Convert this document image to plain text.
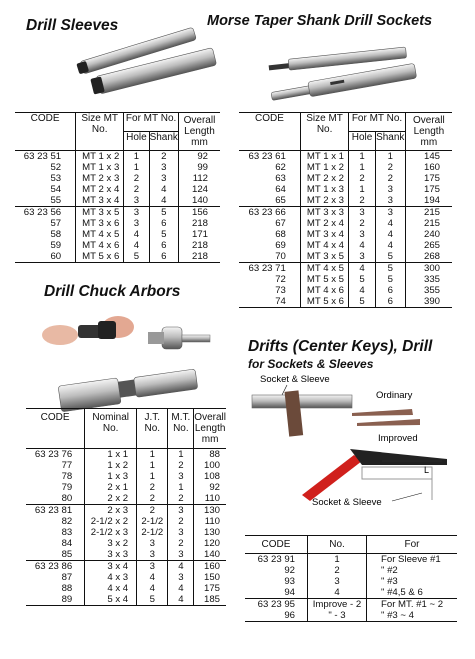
Drill Sleeves	Morse Taper Shank Drill Sockets
Drill Chuck Arbors
Drifts (Center Keys), Drill
for Sockets & Sleeves
Socket & Sleeve
Ordinary
Improved
L
Socket & Sleeve
CODE	Size MT No.	For MT No.		Overall Length mm
		Hole	Shank	
63 23 51	MT 1 x 2	1	2	92
52	MT 1 x 3	1	3	99
53	MT 2 x 3	2	3	112
54	MT 2 x 4	2	4	124
55	MT 3 x 4	3	4	140
63 23 56	MT 3 x 5	3	5	156
57	MT 3 x 6	3	6	218
58	MT 4 x 5	4	5	171
59	MT 4 x 6	4	6	218
60	MT 5 x 6	5	6	218
CODE	Size MT No.	For MT No.		Overall Length mm
		Hole	Shank	
63 23 61	MT 1 x 1	1	1	145
62	MT 1 x 2	1	2	160
63	MT 2 x 2	2	2	175
64	MT 1 x 3	1	3	175
65	MT 2 x 3	2	3	194
63 23 66	MT 3 x 3	3	3	215
67	MT 2 x 4	2	4	215
68	MT 3 x 4	3	4	240
69	MT 4 x 4	4	4	265
70	MT 3 x 5	3	5	268
63 23 71	MT 4 x 5	4	5	300
72	MT 5 x 5	5	5	335
73	MT 4 x 6	4	6	355
74	MT 5 x 6	5	6	390
CODE	Nominal No.	J.T. No.	M.T. No.	Overall Length mm
63 23 76	1 x 1	1	1	88
77	1 x 2	1	2	100
78	1 x 3	1	3	108
79	2 x 1	2	1	92
80	2 x 2	2	2	110
63 23 81	2 x 3	2	3	130
82	2-1/2 x 2	2-1/2	2	110
83	2-1/2 x 3	2-1/2	3	130
84	3 x 2	3	2	120
85	3 x 3	3	3	140
63 23 86	3 x 4	3	4	160
87	4 x 3	4	3	150
88	4 x 4	4	4	175
89	5 x 4	5	4	185
CODE	No.	For
63 23 91	1	For Sleeve #1
92	2	" #2
93	3	" #3
94	4	" #4,5 & 6
63 23 95	Improve - 2	For MT. #1 ~ 2
96	" - 3	" #3 ~ 4
